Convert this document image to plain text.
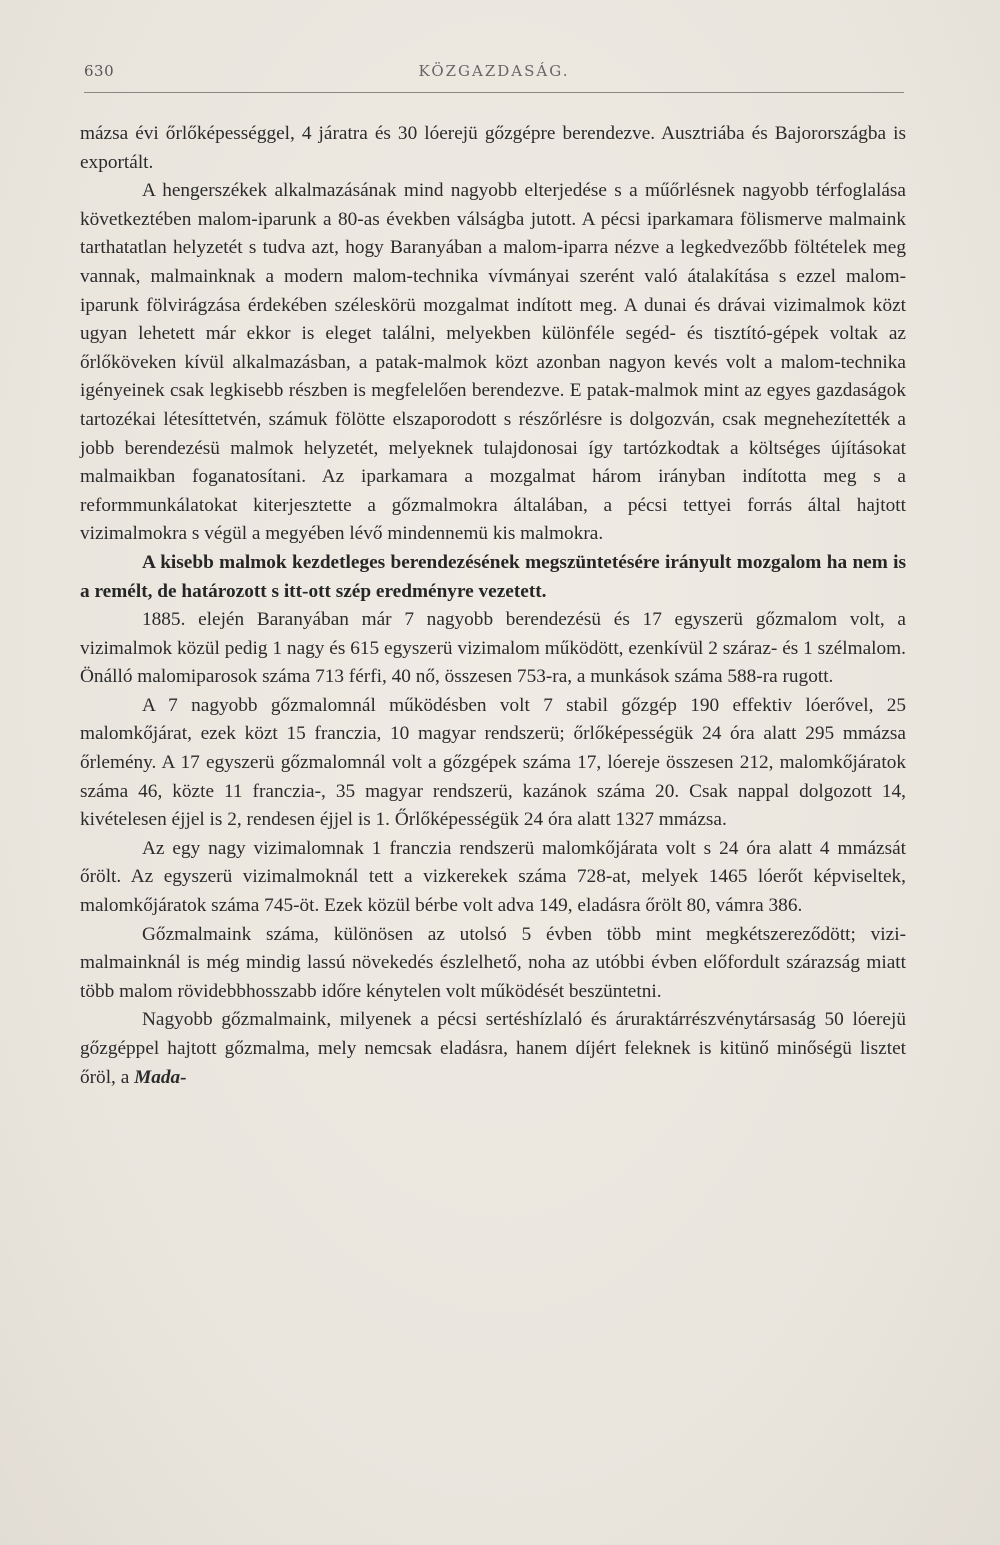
630	KÖZGAZDASÁG.

mázsa évi őrlőképességgel, 4 járatra és 30 lóerejü gőzgépre berendezve. Ausztriába és Bajorországba is exportált.

A hengerszékek alkalmazásának mind nagyobb elterjedése s a műőrlésnek nagyobb térfoglalása következtében malom-iparunk a 80-as években válságba jutott. A pécsi iparkamara fölismerve malmaink tarthatatlan helyzetét s tudva azt, hogy Baranyában a malom-iparra nézve a legkedvezőbb föltételek meg vannak, malmainknak a modern malom-technika vívmányai szerént való átalakítása s ezzel malom-iparunk fölvirágzása érdekében széleskörü mozgalmat indított meg. A dunai és drávai vizimalmok közt ugyan lehetett már ekkor is eleget találni, melyekben különféle segéd- és tisztító-gépek voltak az őrlőköveken kívül alkalmazásban, a patak-malmok közt azonban nagyon kevés volt a malom-technika igényeinek csak legkisebb részben is megfelelően berendezve. E patak-malmok mint az egyes gazdaságok tartozékai létesíttetvén, számuk fölötte elszaporodott s részőrlésre is dolgozván, csak megnehezítették a jobb berendezésü malmok helyzetét, melyeknek tulajdonosai így tartózkodtak a költséges újításokat malmaikban foganatosítani. Az iparkamara a mozgalmat három irányban indította meg s a reformmunkálatokat kiterjesztette a gőzmalmokra általában, a pécsi tettyei forrás által hajtott vizimalmokra s végül a megyében lévő mindennemü kis malmokra.

A kisebb malmok kezdetleges berendezésének megszüntetésére irányult mozgalom ha nem is a remélt, de határozott s itt-ott szép eredményre vezetett.

1885. elején Baranyában már 7 nagyobb berendezésü és 17 egyszerü gőzmalom volt, a vizimalmok közül pedig 1 nagy és 615 egyszerü vizimalom működött, ezenkívül 2 száraz- és 1 szélmalom. Önálló malomiparosok száma 713 férfi, 40 nő, összesen 753-ra, a munkások száma 588-ra rugott.

A 7 nagyobb gőzmalomnál működésben volt 7 stabil gőzgép 190 effektiv lóerővel, 25 malomkőjárat, ezek közt 15 franczia, 10 magyar rendszerü; őrlőképességük 24 óra alatt 295 mmázsa őrlemény. A 17 egyszerü gőzmalomnál volt a gőzgépek száma 17, lóereje összesen 212, malomkőjáratok száma 46, közte 11 franczia-, 35 magyar rendszerü, kazánok száma 20. Csak nappal dolgozott 14, kivételesen éjjel is 2, rendesen éjjel is 1. Őrlőképességük 24 óra alatt 1327 mmázsa.

Az egy nagy vizimalomnak 1 franczia rendszerü malomkőjárata volt s 24 óra alatt 4 mmázsát őrölt. Az egyszerü vizimalmoknál tett a vizkerekek száma 728-at, melyek 1465 lóerőt képviseltek, malomkőjáratok száma 745-öt. Ezek közül bérbe volt adva 149, eladásra őrölt 80, vámra 386.

Gőzmalmaink száma, különösen az utolsó 5 évben több mint megkétszereződött; vizi-malmainknál is még mindig lassú növekedés észlelhető, noha az utóbbi évben előfordult szárazság miatt több malom rövidebbhosszabb időre kénytelen volt működését beszüntetni.

Nagyobb gőzmalmaink, milyenek a pécsi sertéshízlaló és áruraktárrészvénytársaság 50 lóerejü gőzgéppel hajtott gőzmalma, mely nemcsak eladásra, hanem díjért feleknek is kitünő minőségü lisztet őröl, a Mada-
